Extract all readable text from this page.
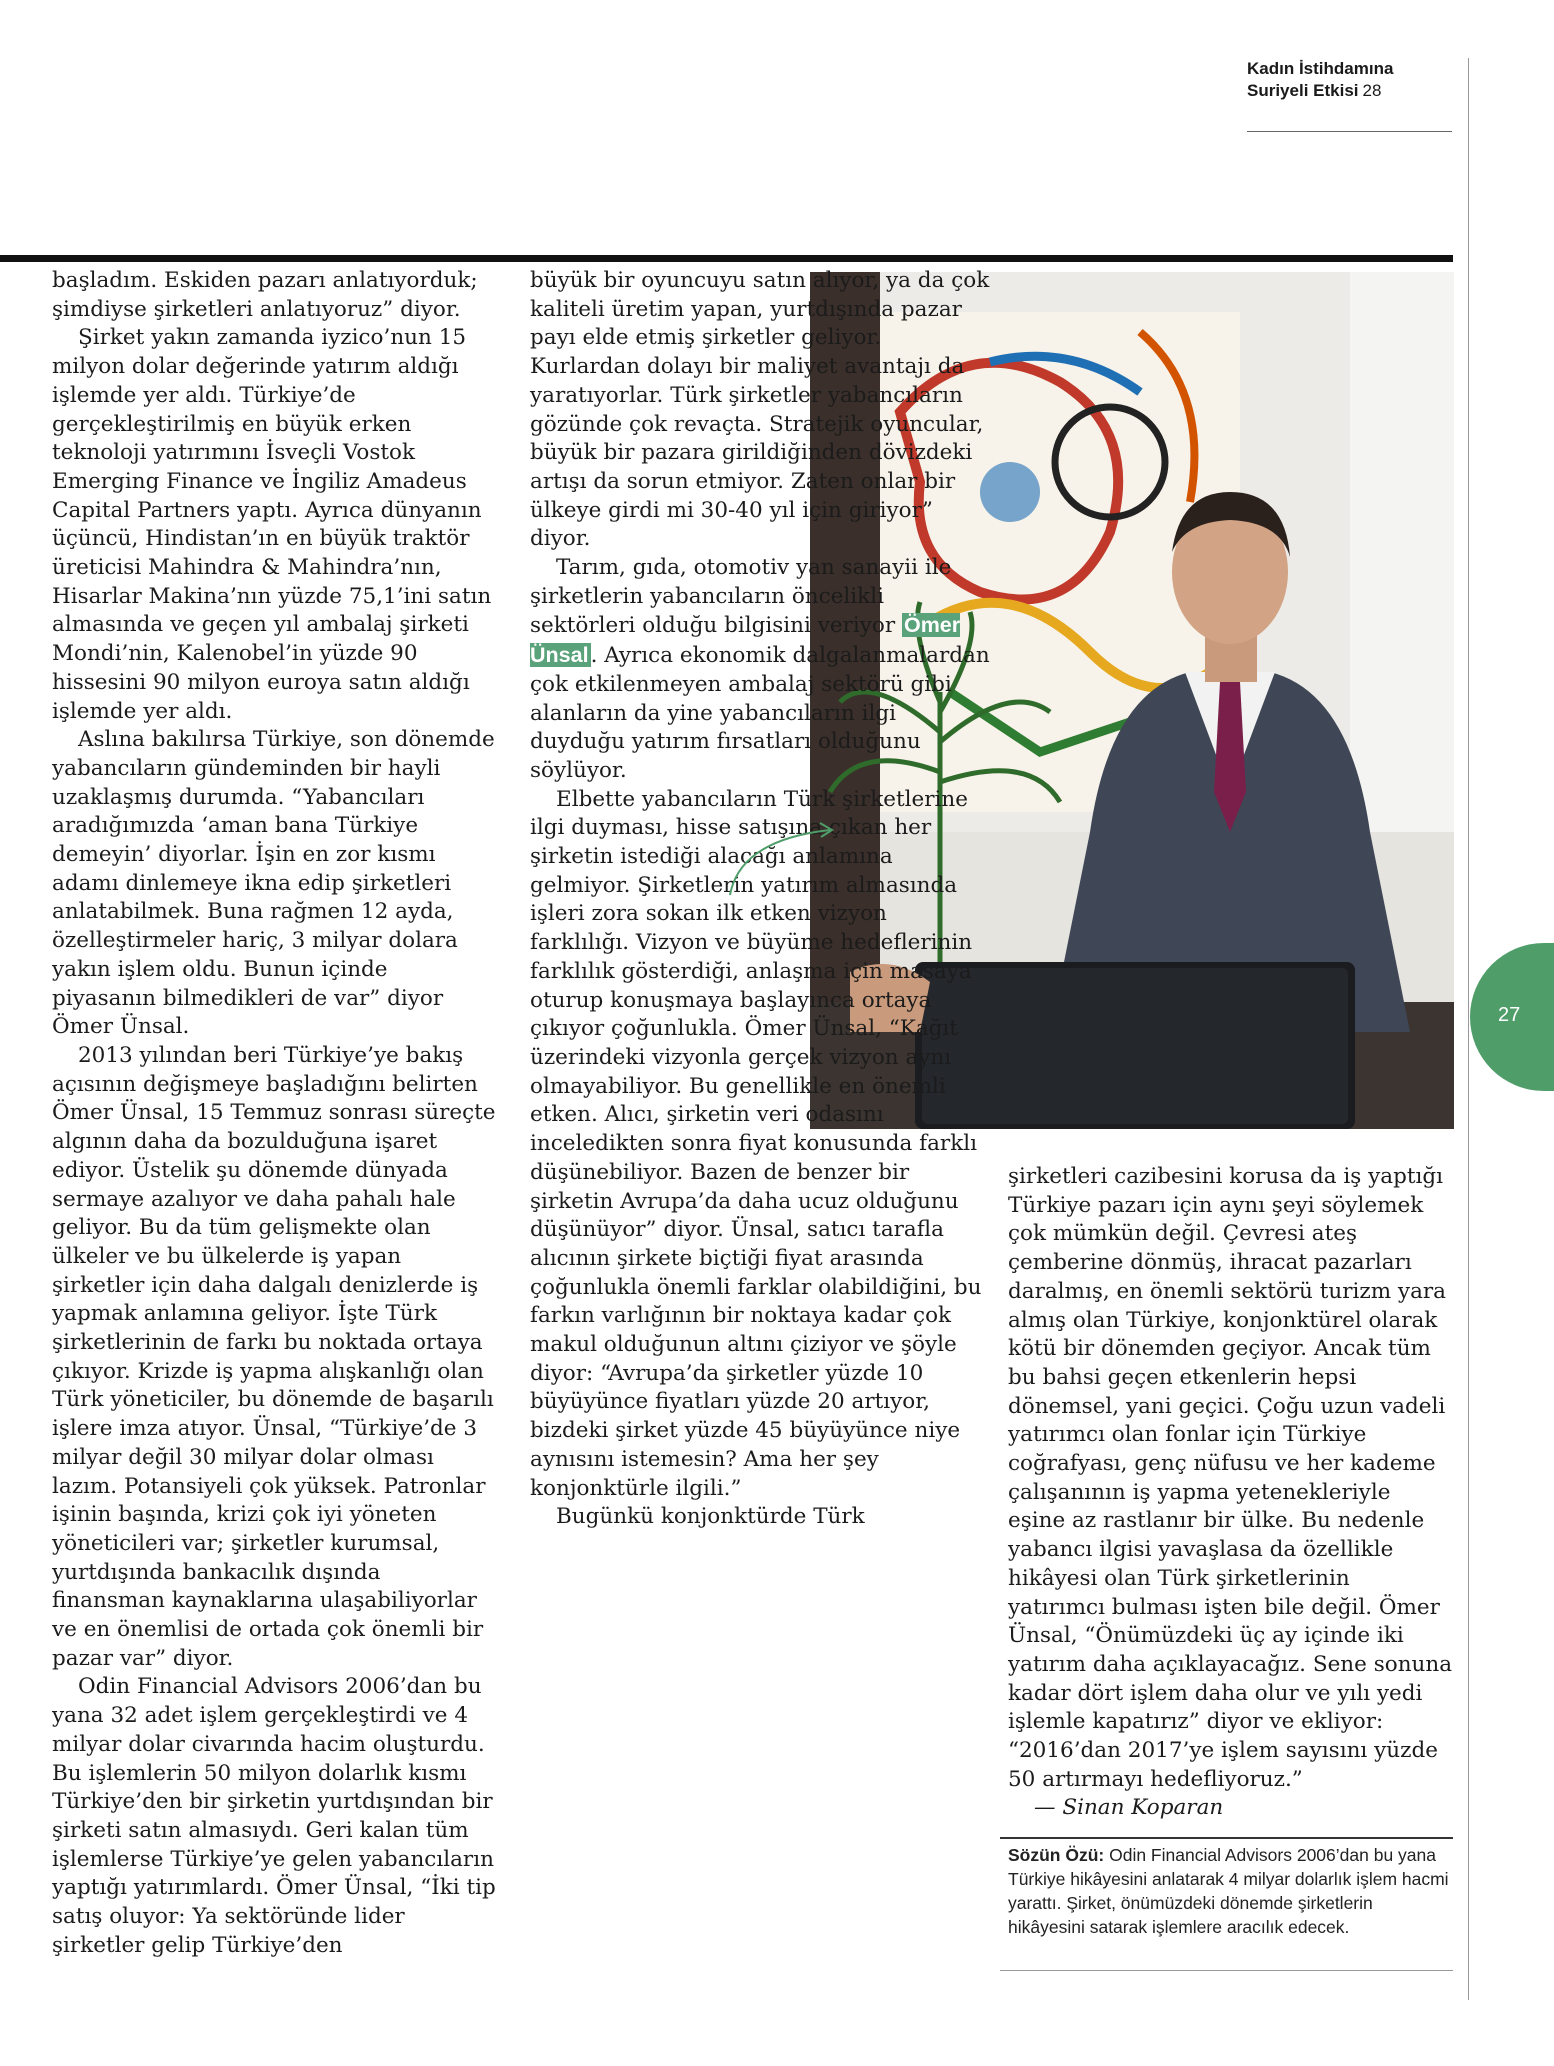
Kadın İstihdamına
Suriyeli Etkisi 28

başladım. Eskiden pazarı anlatıyorduk; şimdiyse şirketleri anlatıyoruz” diyor.

Şirket yakın zamanda iyzico’nun 15 milyon dolar değerinde yatırım aldığı işlemde yer aldı. Türkiye’de gerçekleştirilmiş en büyük erken teknoloji yatırımını İsveçli Vostok Emerging Finance ve İngiliz Amadeus Capital Partners yaptı. Ayrıca dünyanın üçüncü, Hindistan’ın en büyük traktör üreticisi Mahindra & Mahindra’nın, Hisarlar Makina’nın yüzde 75,1’ini satın almasında ve geçen yıl ambalaj şirketi Mondi’nin, Kalenobel’in yüzde 90 hissesini 90 milyon euroya satın aldığı işlemde yer aldı.

Aslına bakılırsa Türkiye, son dönemde yabancıların gündeminden bir hayli uzaklaşmış durumda. “Yabancıları aradığımızda ‘aman bana Türkiye demeyin’ diyorlar. İşin en zor kısmı adamı dinlemeye ikna edip şirketleri anlatabilmek. Buna rağmen 12 ayda, özelleştirmeler hariç, 3 milyar dolara yakın işlem oldu. Bunun içinde piyasanın bilmedikleri de var” diyor Ömer Ünsal.

2013 yılından beri Türkiye’ye bakış açısının değişmeye başladığını belirten Ömer Ünsal, 15 Temmuz sonrası süreçte algının daha da bozulduğuna işaret ediyor. Üstelik şu dönemde dünyada sermaye azalıyor ve daha pahalı hale geliyor. Bu da tüm gelişmekte olan ülkeler ve bu ülkelerde iş yapan şirketler için daha dalgalı denizlerde iş yapmak anlamına geliyor. İşte Türk şirketlerinin de farkı bu noktada ortaya çıkıyor. Krizde iş yapma alışkanlığı olan Türk yöneticiler, bu dönemde de başarılı işlere imza atıyor. Ünsal, “Türkiye’de 3 milyar değil 30 milyar dolar olması lazım. Potansiyeli çok yüksek. Patronlar işinin başında, krizi çok iyi yöneten yöneticileri var; şirketler kurumsal, yurtdışında bankacılık dışında finansman kaynaklarına ulaşabiliyorlar ve en önemlisi de ortada çok önemli bir pazar var” diyor.

Odin Financial Advisors 2006’dan bu yana 32 adet işlem gerçekleştirdi ve 4 milyar dolar civarında hacim oluşturdu. Bu işlemlerin 50 milyon dolarlık kısmı Türkiye’den bir şirketin yurtdışından bir şirketi satın almasıydı. Geri kalan tüm işlemlerse Türkiye’ye gelen yabancıların yaptığı yatırımlardı. Ömer Ünsal, “İki tip satış oluyor: Ya sektöründe lider şirketler gelip Türkiye’den

büyük bir oyuncuyu satın alıyor, ya da çok kaliteli üretim yapan, yurtdışında pazar payı elde etmiş şirketler geliyor. Kurlardan dolayı bir maliyet avantajı da yaratıyorlar. Türk şirketler yabancıların gözünde çok revaçta. Stratejik oyuncular, büyük bir pazara girildiğinden dövizdeki artışı da sorun etmiyor. Zaten onlar bir ülkeye girdi mi 30-40 yıl için giriyor” diyor.

Tarım, gıda, otomotiv yan sanayii ile şirketlerin yabancıların öncelikli sektörleri olduğu bilgisini veriyor Ömer Ünsal. Ayrıca ekonomik dalgalanmalardan çok etkilenmeyen ambalaj sektörü gibi alanların da yine yabancıların ilgi duyduğu yatırım fırsatları olduğunu söylüyor.

Elbette yabancıların Türk şirketlerine ilgi duyması, hisse satışına çıkan her şirketin istediği alacağı anlamına gelmiyor. Şirketlerin yatırım almasında işleri zora sokan ilk etken vizyon farklılığı. Vizyon ve büyüme hedeflerinin farklılık gösterdiği, anlaşma için masaya oturup konuşmaya başlayınca ortaya çıkıyor çoğunlukla. Ömer Ünsal, “Kağıt üzerindeki vizyonla gerçek vizyon aynı olmayabiliyor. Bu genellikle en önemli etken. Alıcı, şirketin veri odasını inceledikten sonra fiyat konusunda farklı düşünebiliyor. Bazen de benzer bir şirketin Avrupa’da daha ucuz olduğunu düşünüyor” diyor. Ünsal, satıcı tarafla alıcının şirkete biçtiği fiyat arasında çoğunlukla önemli farklar olabildiğini, bu farkın varlığının bir noktaya kadar çok makul olduğunun altını çiziyor ve şöyle diyor: “Avrupa’da şirketler yüzde 10 büyüyünce fiyatları yüzde 20 artıyor, bizdeki şirket yüzde 45 büyüyünce niye aynısını istemesin? Ama her şey konjonktürle ilgili.”

Bugünkü konjonktürde Türk

şirketleri cazibesini korusa da iş yaptığı Türkiye pazarı için aynı şeyi söylemek çok mümkün değil. Çevresi ateş çemberine dönmüş, ihracat pazarları daralmış, en önemli sektörü turizm yara almış olan Türkiye, konjonktürel olarak kötü bir dönemden geçiyor. Ancak tüm bu bahsi geçen etkenlerin hepsi dönemsel, yani geçici. Çoğu uzun vadeli yatırımcı olan fonlar için Türkiye coğrafyası, genç nüfusu ve her kademe çalışanının iş yapma yetenekleriyle eşine az rastlanır bir ülke. Bu nedenle yabancı ilgisi yavaşlasa da özellikle hikâyesi olan Türk şirketlerinin yatırımcı bulması işten bile değil. Ömer Ünsal, “Önümüzdeki üç ay içinde iki yatırım daha açıklayacağız. Sene sonuna kadar dört işlem daha olur ve yılı yedi işlemle kapatırız” diyor ve ekliyor: “2016’dan 2017’ye işlem sayısını yüzde 50 artırmayı hedefliyoruz.”

— Sinan Koparan

Sözün Özü: Odin Financial Advisors 2006’dan bu yana Türkiye hikâyesini anlatarak 4 milyar dolarlık işlem hacmi yarattı. Şirket, önümüzdeki dönemde şirketlerin hikâyesini satarak işlemlere aracılık edecek.
27
